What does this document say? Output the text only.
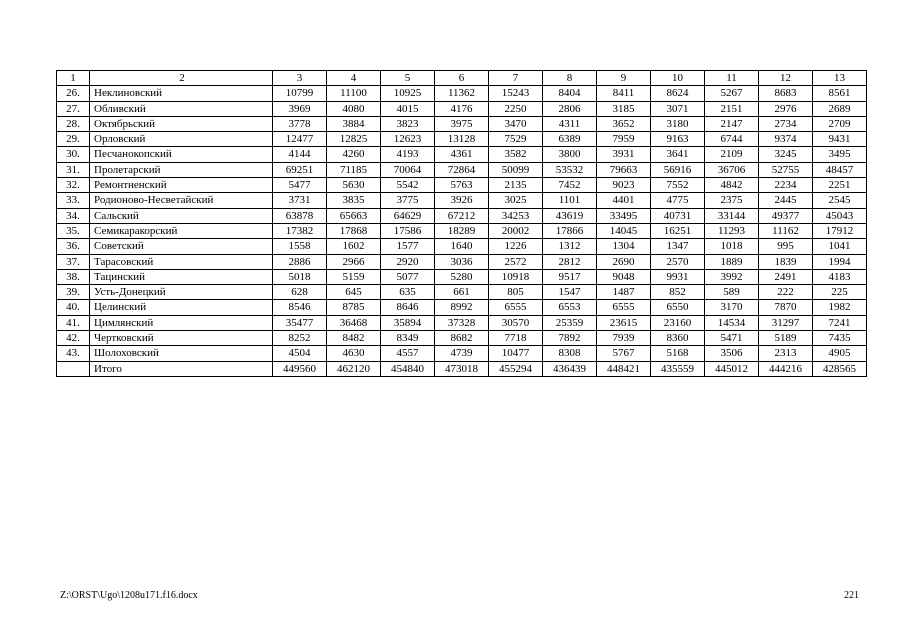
1	2	3	4	5	6	7	8	9	10	11	12	13
26.	Неклиновский	10799	11100	10925	11362	15243	8404	8411	8624	5267	8683	8561
27.	Обливский	3969	4080	4015	4176	2250	2806	3185	3071	2151	2976	2689
28.	Октябрьский	3778	3884	3823	3975	3470	4311	3652	3180	2147	2734	2709
29.	Орловский	12477	12825	12623	13128	7529	6389	7959	9163	6744	9374	9431
30.	Песчанокопский	4144	4260	4193	4361	3582	3800	3931	3641	2109	3245	3495
31.	Пролетарский	69251	71185	70064	72864	50099	53532	79663	56916	36706	52755	48457
32.	Ремонтненский	5477	5630	5542	5763	2135	7452	9023	7552	4842	2234	2251
33.	Родионово-Несветайский	3731	3835	3775	3926	3025	1101	4401	4775	2375	2445	2545
34.	Сальский	63878	65663	64629	67212	34253	43619	33495	40731	33144	49377	45043
35.	Семикаракорский	17382	17868	17586	18289	20002	17866	14045	16251	11293	11162	17912
36.	Советский	1558	1602	1577	1640	1226	1312	1304	1347	1018	995	1041
37.	Тарасовский	2886	2966	2920	3036	2572	2812	2690	2570	1889	1839	1994
38.	Тацинский	5018	5159	5077	5280	10918	9517	9048	9931	3992	2491	4183
39.	Усть-Донецкий	628	645	635	661	805	1547	1487	852	589	222	225
40.	Целинский	8546	8785	8646	8992	6555	6553	6555	6550	3170	7870	1982
41.	Цимлянский	35477	36468	35894	37328	30570	25359	23615	23160	14534	31297	7241
42.	Чертковский	8252	8482	8349	8682	7718	7892	7939	8360	5471	5189	7435
43.	Шолоховский	4504	4630	4557	4739	10477	8308	5767	5168	3506	2313	4905
	Итого	449560	462120	454840	473018	455294	436439	448421	435559	445012	444216	428565
Z:\ORST\Ugo\1208u171.f16.docx	221
